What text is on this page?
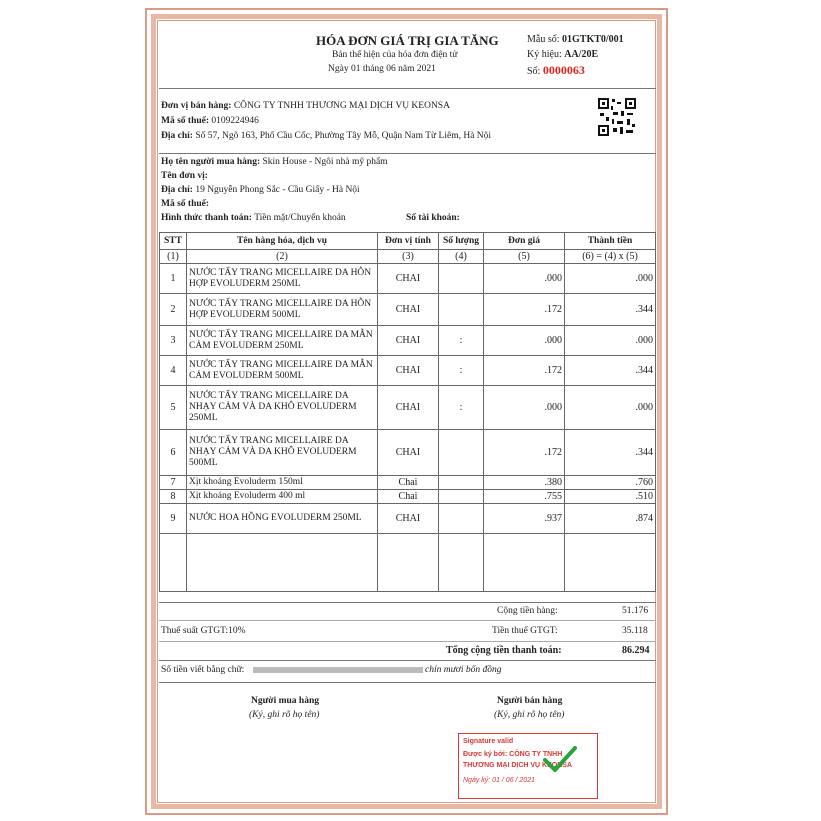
HÓA ĐƠN GIÁ TRỊ GIA TĂNG
Bản thể hiện của hóa đơn điện tử
Ngày 01 tháng 06 năm 2021
Mẫu số: 01GTKT0/001
Ký hiệu: AA/20E
Số: 0000063
Đơn vị bán hàng: CÔNG TY TNHH THƯƠNG MẠI DỊCH VỤ KEONSA
Mã số thuế: 0109224946
Địa chỉ: Số 57, Ngõ 163, Phố Cầu Cốc, Phường Tây Mỗ, Quận Nam Từ Liêm, Hà Nội
Họ tên người mua hàng: Skin House - Ngôi nhà mỹ phẩm
Tên đơn vị:
Địa chỉ: 19 Nguyễn Phong Sắc - Cầu Giấy - Hà Nội
Mã số thuế:
Hình thức thanh toán: Tiền mặt/Chuyển khoản	Số tài khoản:
STT	Tên hàng hóa, dịch vụ	Đơn vị tính	Số lượng	Đơn giá	Thành tiền
(1)	(2)	(3)	(4)	(5)	(6) = (4) x (5)
1	NƯỚC TẨY TRANG MICELLAIRE DA HỖN HỢP EVOLUDERM 250ML	CHAI		.000	.000
2	NƯỚC TẨY TRANG MICELLAIRE DA HỖN HỢP EVOLUDERM 500ML	CHAI		.172	.344
3	NƯỚC TẨY TRANG MICELLAIRE DA MẪN CẢM EVOLUDERM 250ML	CHAI	:	.000	.000
4	NƯỚC TẨY TRANG MICELLAIRE DA MẪN CẢM EVOLUDERM 500ML	CHAI	:	.172	.344
5	NƯỚC TẨY TRANG MICELLAIRE DA NHẠY CẢM VÀ DA KHÔ EVOLUDERM 250ML	CHAI	:	.000	.000
6	NƯỚC TẨY TRANG MICELLAIRE DA NHẠY CẢM VÀ DA KHÔ EVOLUDERM 500ML	CHAI		.172	.344
7	Xịt khoáng Evoluderm 150ml	Chai		.380	.760
8	Xịt khoáng Evoluderm 400 ml	Chai		.755	.510
9	NƯỚC HOA HỒNG EVOLUDERM 250ML	CHAI		.937	.874

Cộng tiền hàng:	51.176
Thuế suất GTGT:10%	Tiền thuế GTGT:	35.118
Tổng cộng tiền thanh toán:	86.294
Số tiền viết bằng chữ:	chín mươi bốn đồng
Người mua hàng
(Ký, ghi rõ họ tên)
Người bán hàng
(Ký, ghi rõ họ tên)
Signature valid
Được ký bởi: CÔNG TY TNHH THƯƠNG MẠI DỊCH VỤ KEONSA
Ngày ký: 01 / 06 / 2021
